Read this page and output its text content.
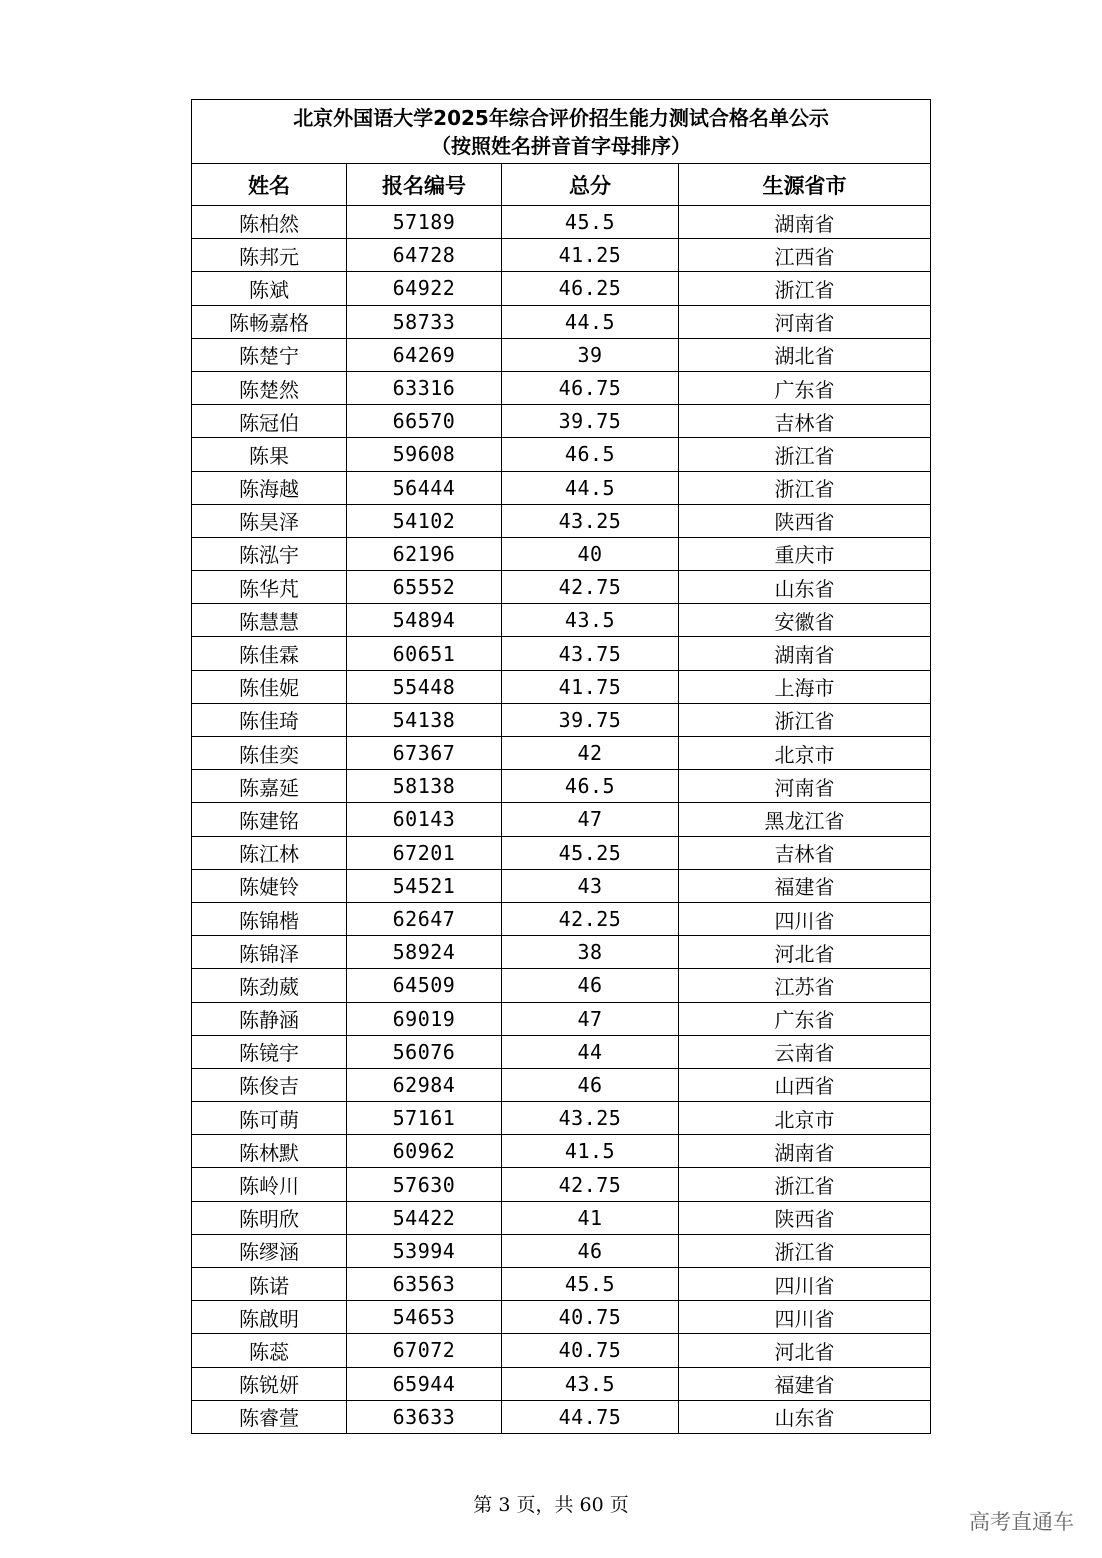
北京外国语大学2025年综合评价招生能力测试合格名单公示
（按照姓名拼音首字母排序）			

姓名	报名编号	总分	生源省市
陈柏然	57189	45.5	湖南省
陈邦元	64728	41.25	江西省
陈斌	64922	46.25	浙江省
陈畅嘉格	58733	44.5	河南省
陈楚宁	64269	39	湖北省
陈楚然	63316	46.75	广东省
陈冠伯	66570	39.75	吉林省
陈果	59608	46.5	浙江省
陈海越	56444	44.5	浙江省
陈昊泽	54102	43.25	陕西省
陈泓宇	62196	40	重庆市
陈华芃	65552	42.75	山东省
陈慧慧	54894	43.5	安徽省
陈佳霖	60651	43.75	湖南省
陈佳妮	55448	41.75	上海市
陈佳琦	54138	39.75	浙江省
陈佳奕	67367	42	北京市
陈嘉延	58138	46.5	河南省
陈建铭	60143	47	黑龙江省
陈江林	67201	45.25	吉林省
陈婕铃	54521	43	福建省
陈锦楷	62647	42.25	四川省
陈锦泽	58924	38	河北省
陈劲葳	64509	46	江苏省
陈静涵	69019	47	广东省
陈镜宇	56076	44	云南省
陈俊吉	62984	46	山西省
陈可萌	57161	43.25	北京市
陈林默	60962	41.5	湖南省
陈岭川	57630	42.75	浙江省
陈明欣	54422	41	陕西省
陈缪涵	53994	46	浙江省
陈诺	63563	45.5	四川省
陈啟明	54653	40.75	四川省
陈蕊	67072	40.75	河北省
陈锐妍	65944	43.5	福建省
陈睿萱	63633	44.75	山东省
第 3 页，共 60 页
高考直通车
